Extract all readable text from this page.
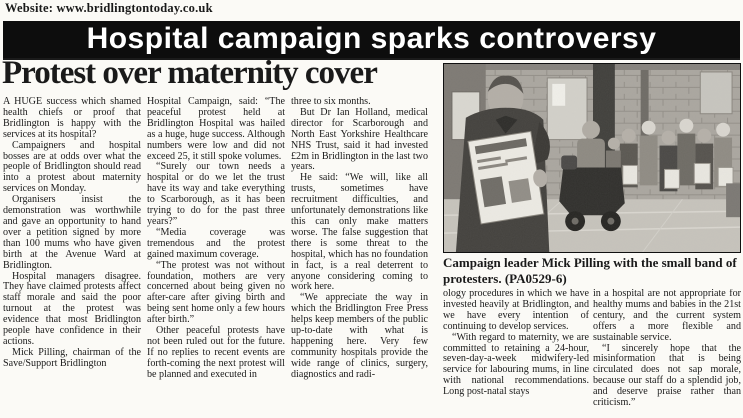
Website: www.bridlingtontoday.co.uk
Hospital campaign sparks controversy
Protest over maternity cover

A HUGE success which shamed health chiefs or proof that Bridlington is happy with the services at its hospital?

Campaigners and hospital bosses are at odds over what the people of Bridlington should read into a protest about maternity services on Monday.

Organisers insist the demonstration was worthwhile and gave an opportunity to hand over a petition signed by more than 100 mums who have given birth at the Avenue Ward at Bridlington.

Hospital managers disagree. They have claimed protests affect staff morale and said the poor turnout at the protest was evidence that most Bridlington people have confidence in their actions.

Mick Pilling, chairman of the Save/Support Bridlington

Hospital Campaign, said: “The peaceful protest held at Bridlington Hospital was hailed as a huge, huge success. Although numbers were low and did not exceed 25, it still spoke volumes.

“Surely our town needs a hospital or do we let the trust have its way and take everything to Scarborough, as it has been trying to do for the past three years?”

“Media coverage was tremendous and the protest gained maximum coverage.

“The protest was not without foundation, mothers are very concerned about being given no after-care after giving birth and being sent home only a few hours after birth.”

Other peaceful protests have not been ruled out for the future. If no replies to recent events are forth-coming the next protest will be planned and executed in

three to six months.

But Dr Ian Holland, medical director for Scarborough and North East Yorkshire Healthcare NHS Trust, said it had invested £2m in Bridlington in the last two years.

He said: “We will, like all trusts, sometimes have recruitment difficulties, and unfortunately demonstrations like this can only make matters worse. The false suggestion that there is some threat to the hospital, which has no foundation in fact, is a real deterrent to anyone considering coming to work here.

“We appreciate the way in which the Bridlington Free Press helps keep members of the public up-to-date with what is happening here. Very few community hospitals provide the wide range of clinics, surgery, diagnostics and radi-

Campaign leader Mick Pilling with the small band of protesters. (PA0529-6)

ology procedures in which we have invested heavily at Bridlington, and we have every intention of continuing to develop services.

“With regard to maternity, we are committed to retaining a 24-hour, seven-day-a-week midwifery-led service for labouring mums, in line with national recommendations. Long post-natal stays

in a hospital are not appropriate for healthy mums and babies in the 21st century, and the current system offers a more flexible and sustainable service.

“I sincerely hope that the misinformation that is being circulated does not sap morale, because our staff do a splendid job, and deserve praise rather than criticism.”
